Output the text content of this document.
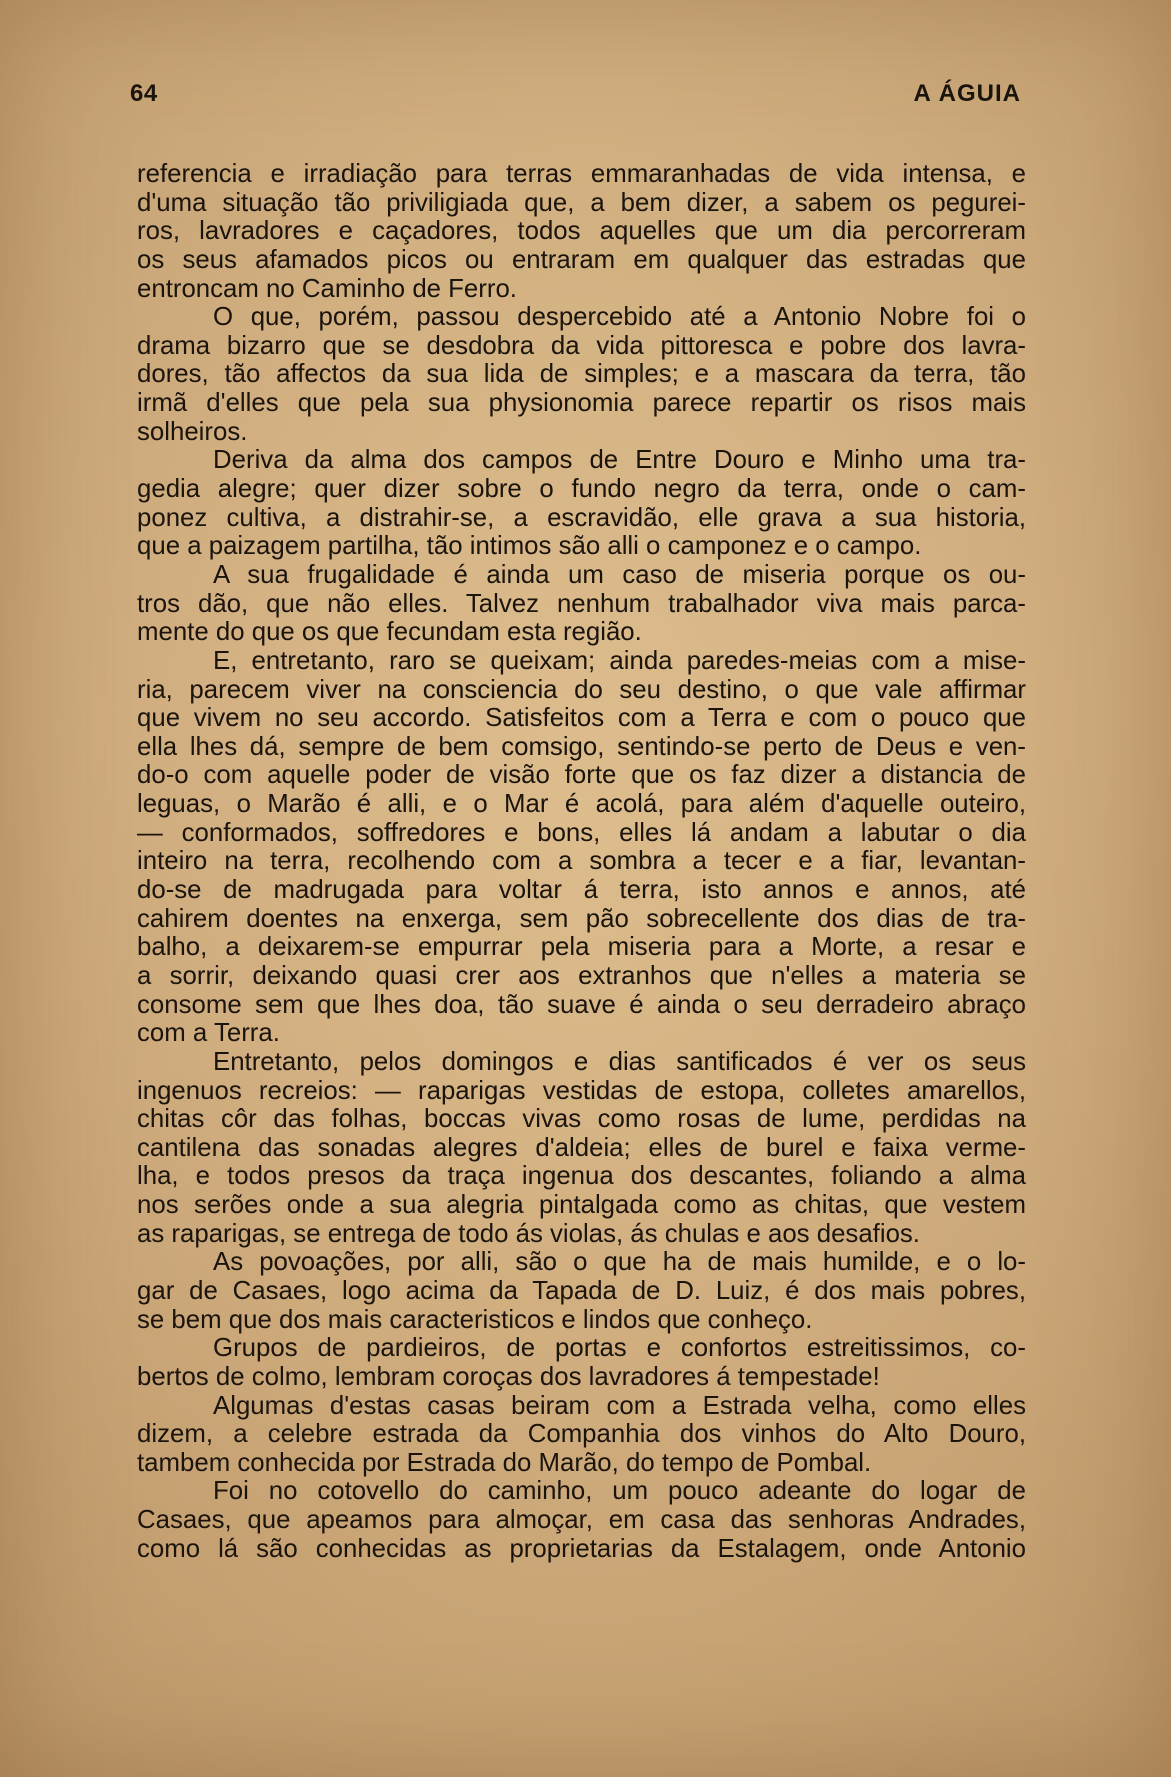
64	A ÁGUIA
referencia e irradiação para terras emmaranhadas de vida intensa, e
d'uma situação tão priviligiada que, a bem dizer, a sabem os pegurei-
ros, lavradores e caçadores, todos aquelles que um dia percorreram
os seus afamados picos ou entraram em qualquer das estradas que
entroncam no Caminho de Ferro.
O que, porém, passou despercebido até a Antonio Nobre foi o
drama bizarro que se desdobra da vida pittoresca e pobre dos lavra-
dores, tão affectos da sua lida de simples; e a mascara da terra, tão
irmã d'elles que pela sua physionomia parece repartir os risos mais
solheiros.
Deriva da alma dos campos de Entre Douro e Minho uma tra-
gedia alegre; quer dizer sobre o fundo negro da terra, onde o cam-
ponez cultiva, a distrahir-se, a escravidão, elle grava a sua historia,
que a paizagem partilha, tão intimos são alli o camponez e o campo.
A sua frugalidade é ainda um caso de miseria porque os ou-
tros dão, que não elles. Talvez nenhum trabalhador viva mais parca-
mente do que os que fecundam esta região.
E, entretanto, raro se queixam; ainda paredes-meias com a mise-
ria, parecem viver na consciencia do seu destino, o que vale affirmar
que vivem no seu accordo. Satisfeitos com a Terra e com o pouco que
ella lhes dá, sempre de bem comsigo, sentindo-se perto de Deus e ven-
do-o com aquelle poder de visão forte que os faz dizer a distancia de
leguas, o Marão é alli, e o Mar é acolá, para além d'aquelle outeiro,
— conformados, soffredores e bons, elles lá andam a labutar o dia
inteiro na terra, recolhendo com a sombra a tecer e a fiar, levantan-
do-se de madrugada para voltar á terra, isto annos e annos, até
cahirem doentes na enxerga, sem pão sobrecellente dos dias de tra-
balho, a deixarem-se empurrar pela miseria para a Morte, a resar e
a sorrir, deixando quasi crer aos extranhos que n'elles a materia se
consome sem que lhes doa, tão suave é ainda o seu derradeiro abraço
com a Terra.
Entretanto, pelos domingos e dias santificados é ver os seus
ingenuos recreios: — raparigas vestidas de estopa, colletes amarellos,
chitas côr das folhas, boccas vivas como rosas de lume, perdidas na
cantilena das sonadas alegres d'aldeia; elles de burel e faixa verme-
lha, e todos presos da traça ingenua dos descantes, foliando a alma
nos serões onde a sua alegria pintalgada como as chitas, que vestem
as raparigas, se entrega de todo ás violas, ás chulas e aos desafios.
As povoações, por alli, são o que ha de mais humilde, e o lo-
gar de Casaes, logo acima da Tapada de D. Luiz, é dos mais pobres,
se bem que dos mais caracteristicos e lindos que conheço.
Grupos de pardieiros, de portas e confortos estreitissimos, co-
bertos de colmo, lembram coroças dos lavradores á tempestade!
Algumas d'estas casas beiram com a Estrada velha, como elles
dizem, a celebre estrada da Companhia dos vinhos do Alto Douro,
tambem conhecida por Estrada do Marão, do tempo de Pombal.
Foi no cotovello do caminho, um pouco adeante do logar de
Casaes, que apeamos para almoçar, em casa das senhoras Andrades,
como lá são conhecidas as proprietarias da Estalagem, onde Antonio
